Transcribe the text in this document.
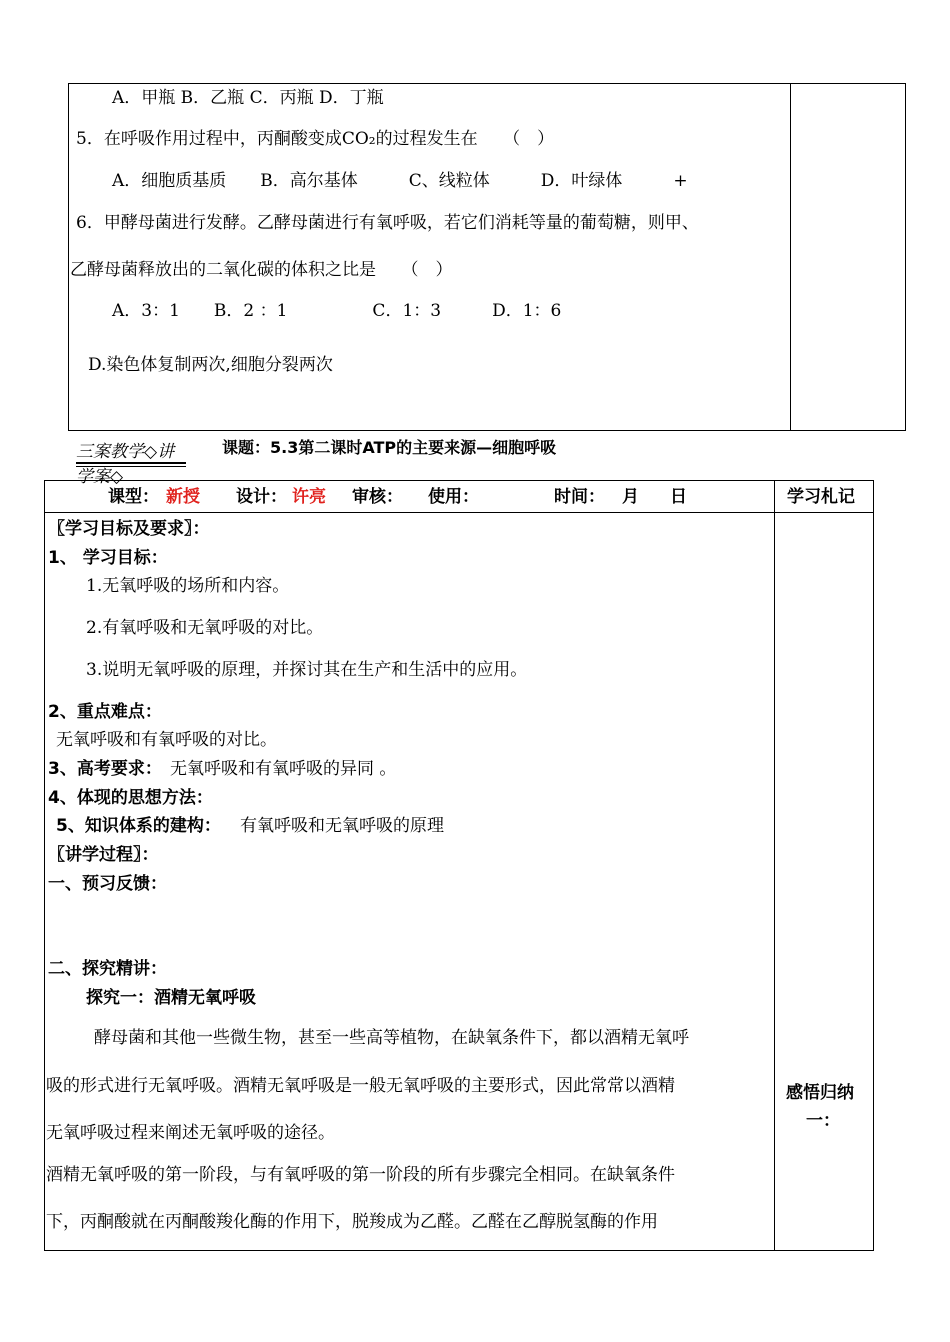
A．甲瓶 B．乙瓶 C．丙瓶 D．丁瓶
5．在呼吸作用过程中，丙酮酸变成CO₂的过程发生在　　（　）
A．细胞质基质　　B．高尔基体　　　C、线粒体　　　D．叶绿体　　　+
6．甲酵母菌进行发酵。乙酵母菌进行有氧呼吸，若它们消耗等量的葡萄糖，则甲、
乙酵母菌释放出的二氧化碳的体积之比是　　（　）
A．3：1　　B．2 ：1　　　　　C．1：3　　　D．1：6
D.染色体复制两次,细胞分裂两次
三案教学◇讲学案◇
课题：5.3第二课时ATP的主要来源—细胞呼吸
课型： 新授 设计： 许亮 审核： 使用：	时间： 月 日	学习札记
〖学习目标及要求〗：
1、 学习目标：
1.无氧呼吸的场所和内容。
2.有氧呼吸和无氧呼吸的对比。
3.说明无氧呼吸的原理，并探讨其在生产和生活中的应用。
2、重点难点：
无氧呼吸和有氧呼吸的对比。
3、高考要求： 无氧呼吸和有氧呼吸的异同 。
4、体现的思想方法：
5、知识体系的建构： 有氧呼吸和无氧呼吸的原理
〖讲学过程〗：
一、预习反馈：
二、探究精讲：
探究一：酒精无氧呼吸
酵母菌和其他一些微生物，甚至一些高等植物，在缺氧条件下，都以酒精无氧呼
吸的形式进行无氧呼吸。酒精无氧呼吸是一般无氧呼吸的主要形式，因此常常以酒精
无氧呼吸过程来阐述无氧呼吸的途径。
酒精无氧呼吸的第一阶段，与有氧呼吸的第一阶段的所有步骤完全相同。在缺氧条件
下，丙酮酸就在丙酮酸羧化酶的作用下，脱羧成为乙醛。乙醛在乙醇脱氢酶的作用
感悟归纳
一：
